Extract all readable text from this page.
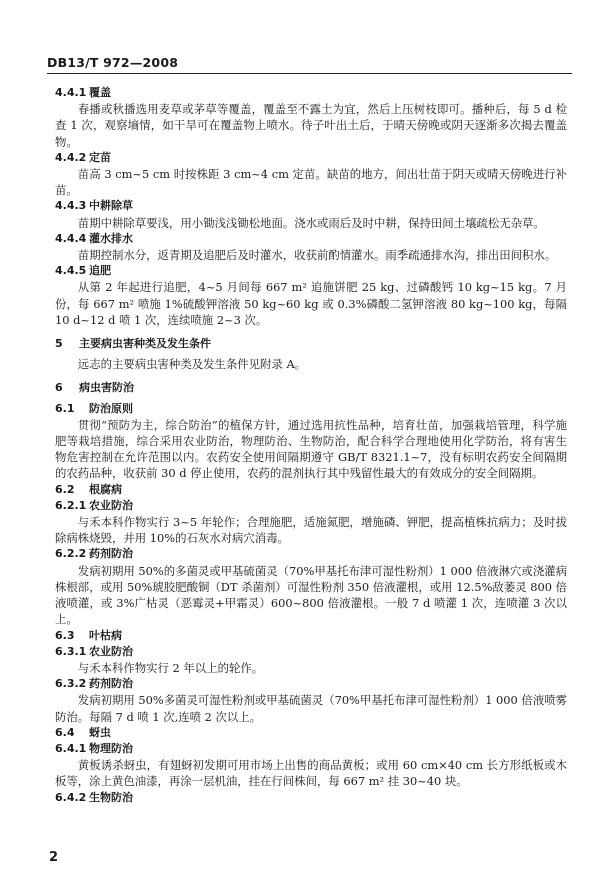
DB13/T 972—2008
4.4.1 覆盖

春播或秋播选用麦草或茅草等覆盖，覆盖至不露土为宜，然后上压树枝即可。播种后，每 5 d 检查 1 次，观察墒情，如干旱可在覆盖物上喷水。待子叶出土后，于晴天傍晚或阴天逐渐多次揭去覆盖物。

4.4.2 定苗

苗高 3 cm~5 cm 时按株距 3 cm~4 cm 定苗。缺苗的地方，间出壮苗于阴天或晴天傍晚进行补苗。

4.4.3 中耕除草

苗期中耕除草要浅，用小锄浅浅锄松地面。浇水或雨后及时中耕，保持田间土壤疏松无杂草。

4.4.4 灌水排水

苗期控制水分，返青期及追肥后及时灌水，收获前酌情灌水。雨季疏通排水沟，排出田间积水。

4.4.5 追肥

从第 2 年起进行追肥，4~5 月间每 667 m² 追施饼肥 25 kg、过磷酸钙 10 kg~15 kg。7 月份，每 667 m² 喷施 1%硫酸钾溶液 50 kg~60 kg 或 0.3%磷酸二氢钾溶液 80 kg~100 kg，每隔 10 d~12 d 喷 1 次，连续喷施 2~3 次。

5 主要病虫害种类及发生条件

远志的主要病虫害种类及发生条件见附录 A。

6 病虫害防治
6.1 防治原则

贯彻“预防为主，综合防治”的植保方针，通过选用抗性品种，培育壮苗，加强栽培管理，科学施肥等栽培措施，综合采用农业防治，物理防治、生物防治，配合科学合理地使用化学防治，将有害生物危害控制在允许范围以内。农药安全使用间隔期遵守 GB/T 8321.1~7，没有标明农药安全间隔期的农药品种，收获前 30 d 停止使用，农药的混剂执行其中残留性最大的有效成分的安全间隔期。

6.2 根腐病
6.2.1 农业防治

与禾本科作物实行 3~5 年轮作；合理施肥，适施氮肥，增施磷、钾肥，提高植株抗病力；及时拔除病株烧毁，并用 10%的石灰水对病穴消毒。

6.2.2 药剂防治

发病初期用 50%的多菌灵或甲基硫菌灵（70%甲基托布津可湿性粉剂）1 000 倍液淋穴或浇灌病株根部，或用 50%琥胶肥酸铜（DT 杀菌剂）可湿性粉剂 350 倍液灌根，或用 12.5%敌萎灵 800 倍液喷灌，或 3%广枯灵（恶霉灵+甲霜灵）600~800 倍液灌根。一般 7 d 喷灌 1 次，连喷灌 3 次以上。

6.3 叶枯病
6.3.1 农业防治

与禾本科作物实行 2 年以上的轮作。

6.3.2 药剂防治

发病初期用 50%多菌灵可湿性粉剂或甲基硫菌灵（70%甲基托布津可湿性粉剂）1 000 倍液喷雾防治。每隔 7 d 喷 1 次,连喷 2 次以上。

6.4 蚜虫
6.4.1 物理防治

黄板诱杀蚜虫，有翅蚜初发期可用市场上出售的商品黄板；或用 60 cm×40 cm 长方形纸板或木板等，涂上黄色油漆，再涂一层机油，挂在行间株间，每 667 m² 挂 30~40 块。

6.4.2 生物防治
2
